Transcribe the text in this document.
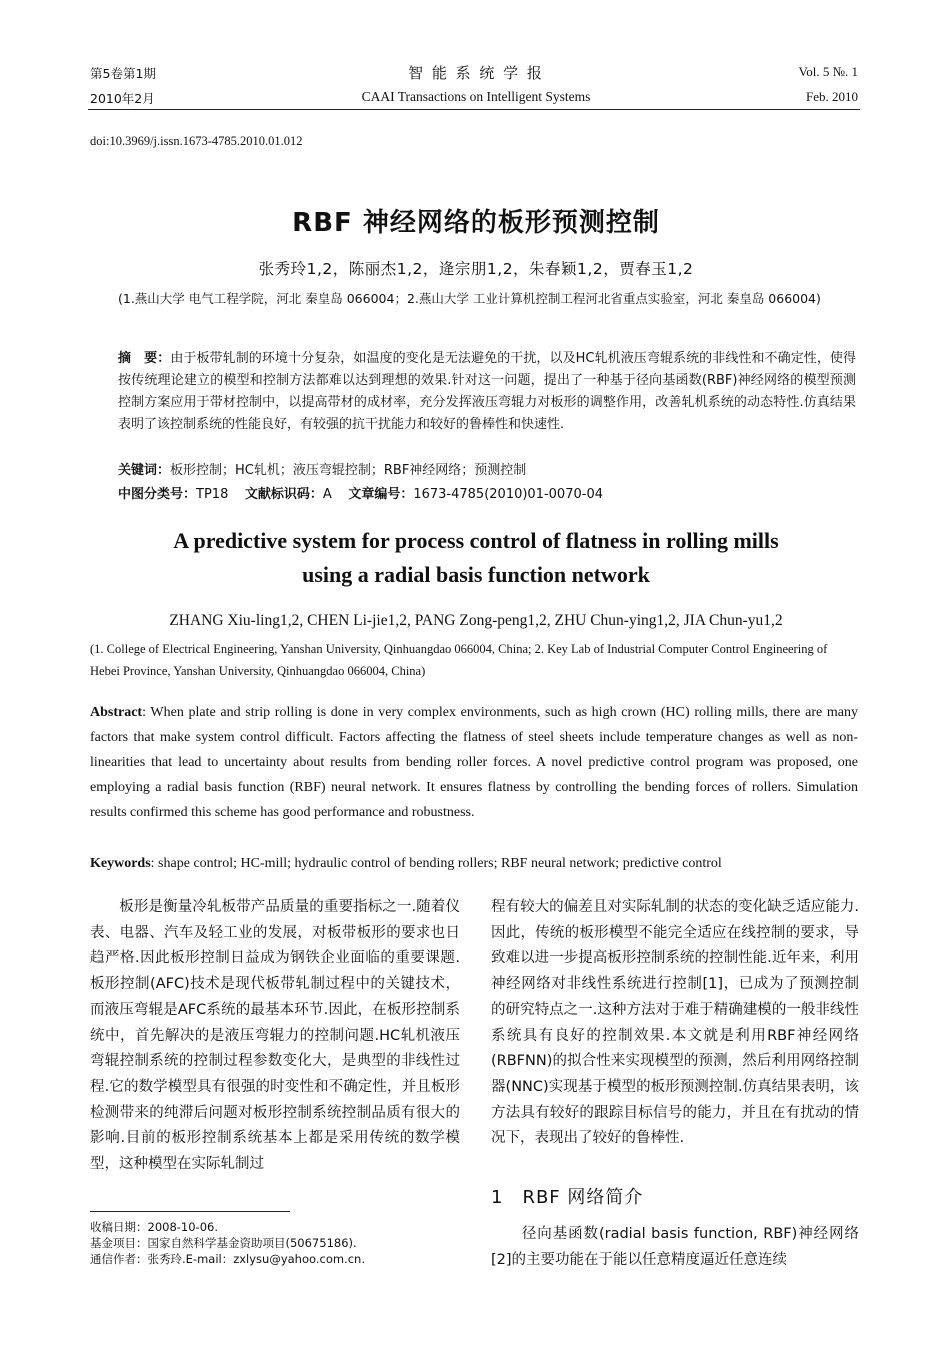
第5卷第1期
2010年2月
智 能 系 统 学 报
CAAI Transactions on Intelligent Systems
Vol. 5 №. 1
Feb. 2010
doi:10.3969/j.issn.1673-4785.2010.01.012
RBF 神经网络的板形预测控制
张秀玲1,2，陈丽杰1,2，逄宗朋1,2，朱春颖1,2，贾春玉1,2
(1.燕山大学 电气工程学院，河北 秦皇岛 066004；2.燕山大学 工业计算机控制工程河北省重点实验室，河北 秦皇岛 066004)
摘　要：由于板带轧制的环境十分复杂，如温度的变化是无法避免的干扰，以及HC轧机液压弯辊系统的非线性和不确定性，使得按传统理论建立的模型和控制方法都难以达到理想的效果.针对这一问题，提出了一种基于径向基函数(RBF)神经网络的模型预测控制方案应用于带材控制中，以提高带材的成材率，充分发挥液压弯辊力对板形的调整作用，改善轧机系统的动态特性.仿真结果表明了该控制系统的性能良好，有较强的抗干扰能力和较好的鲁棒性和快速性.
关键词：板形控制；HC轧机；液压弯辊控制；RBF神经网络；预测控制
中图分类号：TP18 文献标识码：A 文章编号：1673-4785(2010)01-0070-04
A predictive system for process control of flatness in rolling mills
using a radial basis function network
ZHANG Xiu-ling1,2, CHEN Li-jie1,2, PANG Zong-peng1,2, ZHU Chun-ying1,2, JIA Chun-yu1,2
(1. College of Electrical Engineering, Yanshan University, Qinhuangdao 066004, China; 2. Key Lab of Industrial Computer Control Engineering of Hebei Province, Yanshan University, Qinhuangdao 066004, China)
Abstract: When plate and strip rolling is done in very complex environments, such as high crown (HC) rolling mills, there are many factors that make system control difficult. Factors affecting the flatness of steel sheets include temperature changes as well as non-linearities that lead to uncertainty about results from bending roller forces. A novel predictive control program was proposed, one employing a radial basis function (RBF) neural network. It ensures flatness by controlling the bending forces of rollers. Simulation results confirmed this scheme has good performance and robustness.
Keywords: shape control; HC-mill; hydraulic control of bending rollers; RBF neural network; predictive control
　　板形是衡量冷轧板带产品质量的重要指标之一.随着仪表、电器、汽车及轻工业的发展，对板带板形的要求也日趋严格.因此板形控制日益成为钢铁企业面临的重要课题.板形控制(AFC)技术是现代板带轧制过程中的关键技术，而液压弯辊是AFC系统的最基本环节.因此，在板形控制系统中，首先解决的是液压弯辊力的控制问题.HC轧机液压弯辊控制系统的控制过程参数变化大，是典型的非线性过程.它的数学模型具有很强的时变性和不确定性，并且板形检测带来的纯滞后问题对板形控制系统控制品质有很大的影响.目前的板形控制系统基本上都是采用传统的数学模型，这种模型在实际轧制过
程有较大的偏差且对实际轧制的状态的变化缺乏适应能力.因此，传统的板形模型不能完全适应在线控制的要求，导致难以进一步提高板形控制系统的控制性能.近年来，利用神经网络对非线性系统进行控制[1]，已成为了预测控制的研究特点之一.这种方法对于难于精确建模的一般非线性系统具有良好的控制效果.本文就是利用RBF神经网络(RBFNN)的拟合性来实现模型的预测，然后利用网络控制器(NNC)实现基于模型的板形预测控制.仿真结果表明，该方法具有较好的跟踪目标信号的能力，并且在有扰动的情况下，表现出了较好的鲁棒性.
1　RBF 网络简介
　　径向基函数(radial basis function, RBF)神经网络[2]的主要功能在于能以任意精度逼近任意连续
收稿日期：2008-10-06.
基金项目：国家自然科学基金资助项目(50675186).
通信作者：张秀玲.E-mail：zxlysu@yahoo.com.cn.
